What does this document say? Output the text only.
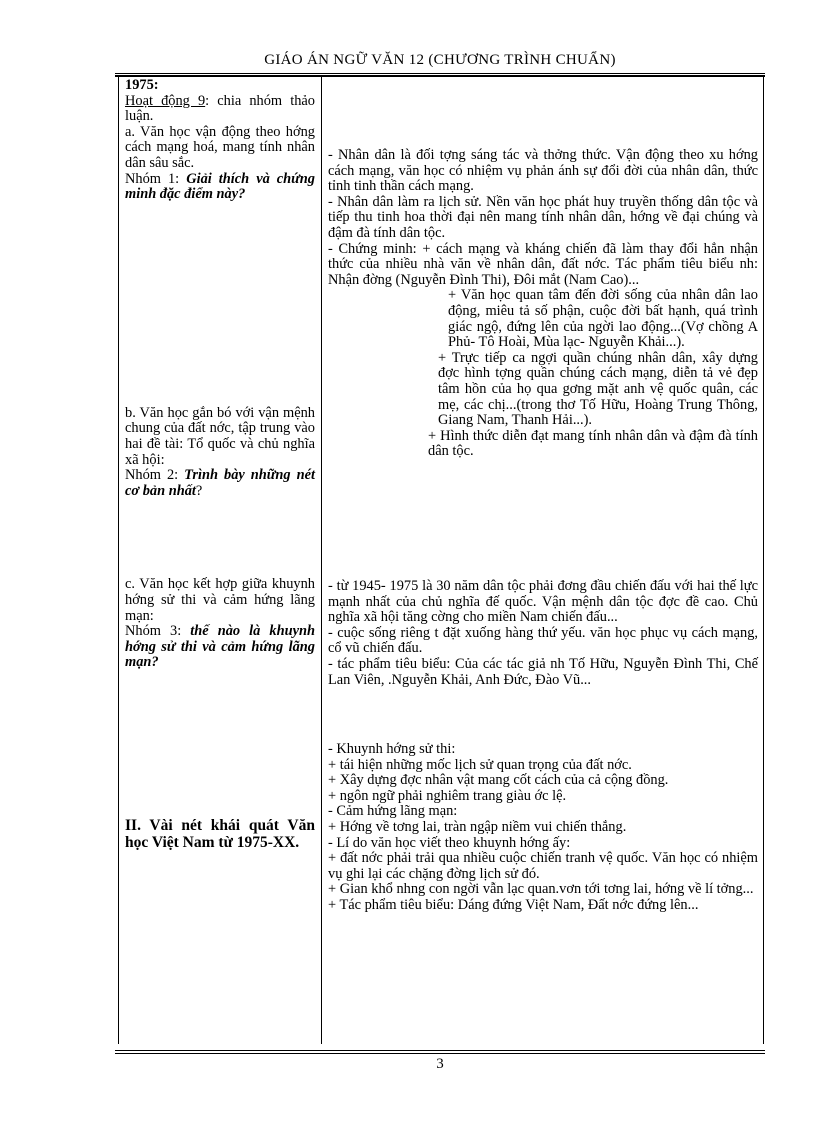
GIÁO ÁN NGỮ VĂN 12 (CHƯƠNG TRÌNH CHUẨN)

1975:

Hoạt động 9: chia nhóm thảo luận.

a. Văn học vận động theo hớng cách mạng hoá, mang tính nhân dân sâu sắc.

Nhóm 1: Giải thích và chứng minh đặc điểm này?

b. Văn học gắn bó với vận mệnh chung của đất nớc, tập trung vào hai đề tài: Tổ quốc và chủ nghĩa xã hội:

Nhóm 2: Trình bày những nét cơ bản nhất?

c. Văn học kết hợp giữa khuynh hớng sử thi và cảm hứng lãng mạn:

Nhóm 3: thế nào là khuynh hớng sử thi và cảm hứng lãng mạn?

II. Vài nét khái quát Văn học Việt Nam từ 1975-XX.

- Nhân dân là đối tợng sáng tác và thởng thức. Vận động theo xu hớng cách mạng, văn học có nhiệm vụ phản ánh sự đổi đời của nhân dân, thức tỉnh tinh thần cách mạng.

- Nhân dân làm ra lịch sử. Nền văn học phát huy truyền thống dân tộc và tiếp thu tinh hoa thời đại nên mang tính nhân dân, hớng về đại chúng và đậm đà tính dân tộc.

- Chứng minh: + cách mạng và kháng chiến đã làm thay đổi hẳn nhận thức của nhiều nhà văn về nhân dân, đất nớc. Tác phẩm tiêu biểu nh: Nhận đờng (Nguyễn Đình Thi), Đôi mắt (Nam Cao)...

+ Văn học quan tâm đến đời sống của nhân dân lao động, miêu tả số phận, cuộc đời bất hạnh, quá trình giác ngộ, đứng lên của ngời lao động...(Vợ chồng A Phủ- Tô Hoài, Mùa lạc- Nguyễn Khải...).

+ Trực tiếp ca ngợi quần chúng nhân dân, xây dựng đợc hình tợng quần chúng cách mạng, diễn tả vẻ đẹp tâm hồn của họ qua gơng mặt anh vệ quốc quân, các mẹ, các chị...(trong thơ Tố Hữu, Hoàng Trung Thông, Giang Nam, Thanh Hải...).

+ Hình thức diễn đạt mang tính nhân dân và đậm đà tính dân tộc.

- từ 1945- 1975 là 30 năm dân tộc phải đơng đầu chiến đấu với hai thế lực mạnh nhất của chủ nghĩa đế quốc. Vận mệnh dân tộc đợc đề cao. Chủ nghĩa xã hội tăng cờng cho miền Nam chiến đấu...

- cuộc sống riêng t đặt xuống hàng thứ yếu. văn học phục vụ cách mạng, cổ vũ chiến đấu.

- tác phẩm tiêu biểu: Của các tác giả nh Tố Hữu, Nguyễn Đình Thi, Chế Lan Viên, .Nguyễn Khải, Anh Đức, Đào Vũ...

- Khuynh hớng sử thi:

+ tái hiện những mốc lịch sử quan trọng của đất nớc.

+ Xây dựng đợc nhân vật mang cốt cách của cả cộng đồng.

+ ngôn ngữ phải nghiêm trang giàu ớc lệ.

- Cảm hứng lãng mạn:

+ Hớng về tơng lai, tràn ngập niềm vui chiến thắng.

- Lí do văn học viết theo khuynh hớng ấy:

+ đất nớc phải trải qua nhiều cuộc chiến tranh vệ quốc. Văn học có nhiệm vụ ghi lại các chặng đờng lịch sử đó.

+ Gian khổ nhng con ngời vẫn lạc quan.vơn tới tơng lai, hớng về lí tởng...

+ Tác phẩm tiêu biểu: Dáng đứng Việt Nam, Đất nớc đứng lên...

3
